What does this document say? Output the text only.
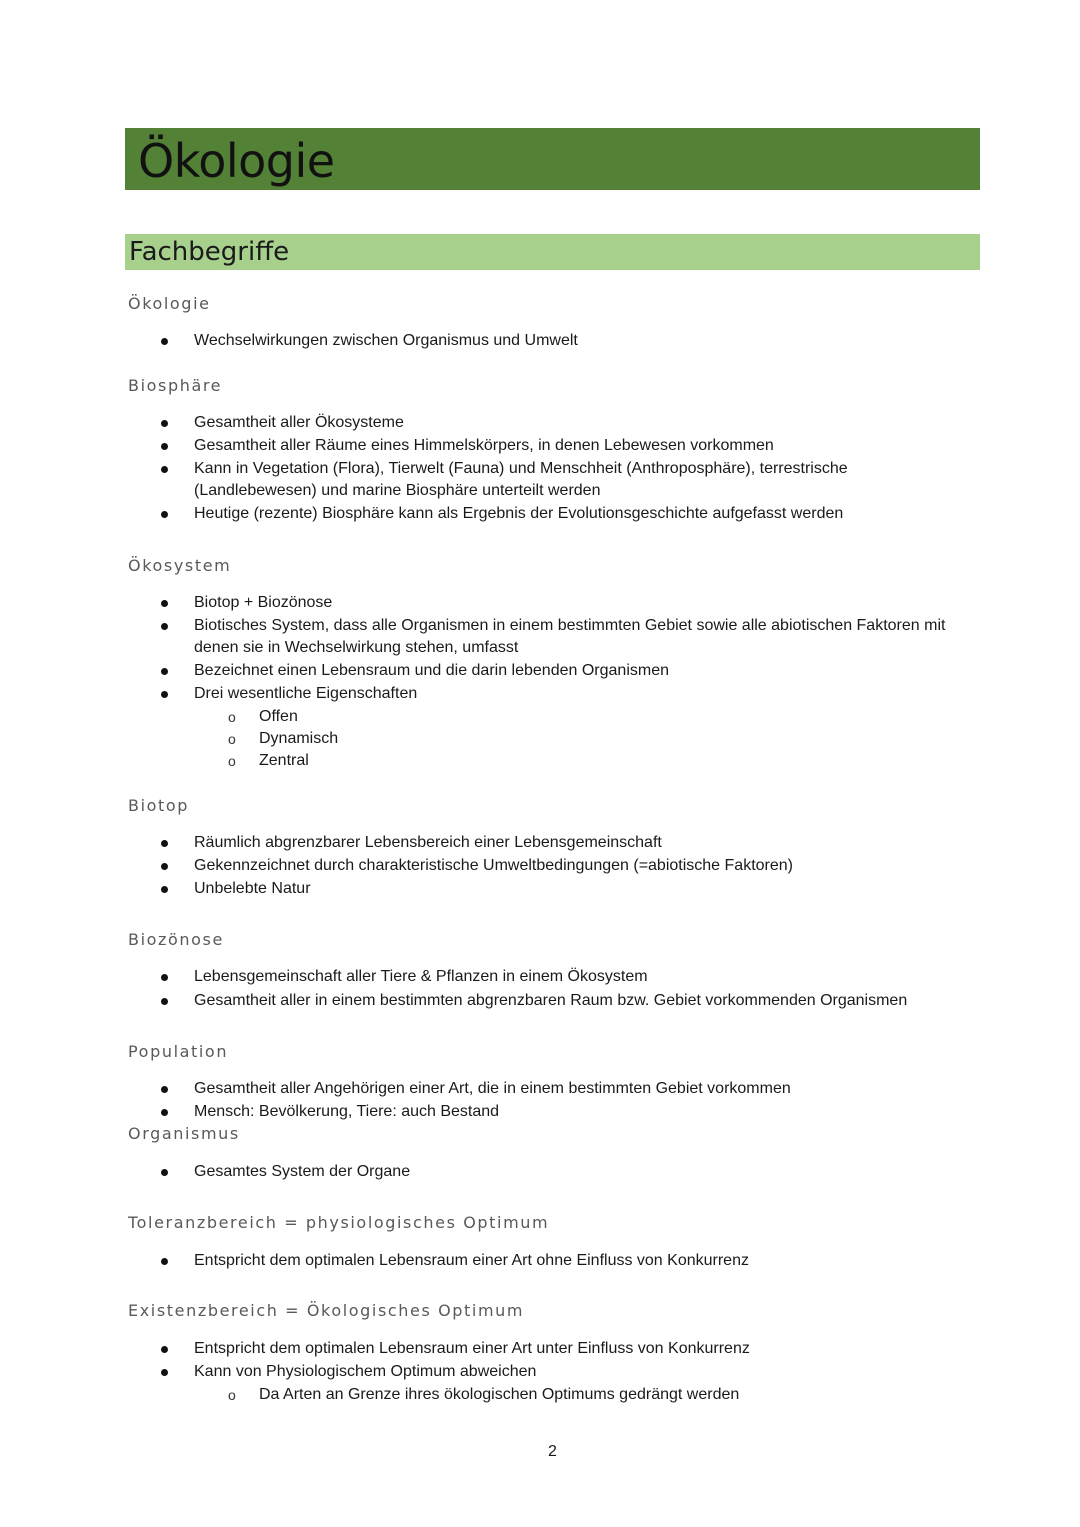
Ökologie
Fachbegriffe
Ökologie
Wechselwirkungen zwischen Organismus und Umwelt
Biosphäre
Gesamtheit aller Ökosysteme
Gesamtheit aller Räume eines Himmelskörpers, in denen Lebewesen vorkommen
Kann in Vegetation (Flora), Tierwelt (Fauna) und Menschheit (Anthroposphäre), terrestrische
(Landlebewesen) und marine Biosphäre unterteilt werden
Heutige (rezente) Biosphäre kann als Ergebnis der Evolutionsgeschichte aufgefasst werden
Ökosystem
Biotop + Biozönose
Biotisches System, dass alle Organismen in einem bestimmten Gebiet sowie alle abiotischen Faktoren mit
denen sie in Wechselwirkung stehen, umfasst
Bezeichnet einen Lebensraum und die darin lebenden Organismen
Drei wesentliche Eigenschaften
o Offen
o Dynamisch
o Zentral
Biotop
Räumlich abgrenzbarer Lebensbereich einer Lebensgemeinschaft
Gekennzeichnet durch charakteristische Umweltbedingungen (=abiotische Faktoren)
Unbelebte Natur
Biozönose
Lebensgemeinschaft aller Tiere & Pflanzen in einem Ökosystem
Gesamtheit aller in einem bestimmten abgrenzbaren Raum bzw. Gebiet vorkommenden Organismen
Population
Gesamtheit aller Angehörigen einer Art, die in einem bestimmten Gebiet vorkommen
Mensch: Bevölkerung, Tiere: auch Bestand
Organismus
Gesamtes System der Organe
Toleranzbereich = physiologisches Optimum
Entspricht dem optimalen Lebensraum einer Art ohne Einfluss von Konkurrenz
Existenzbereich = Ökologisches Optimum
Entspricht dem optimalen Lebensraum einer Art unter Einfluss von Konkurrenz
Kann von Physiologischem Optimum abweichen
o Da Arten an Grenze ihres ökologischen Optimums gedrängt werden
2
